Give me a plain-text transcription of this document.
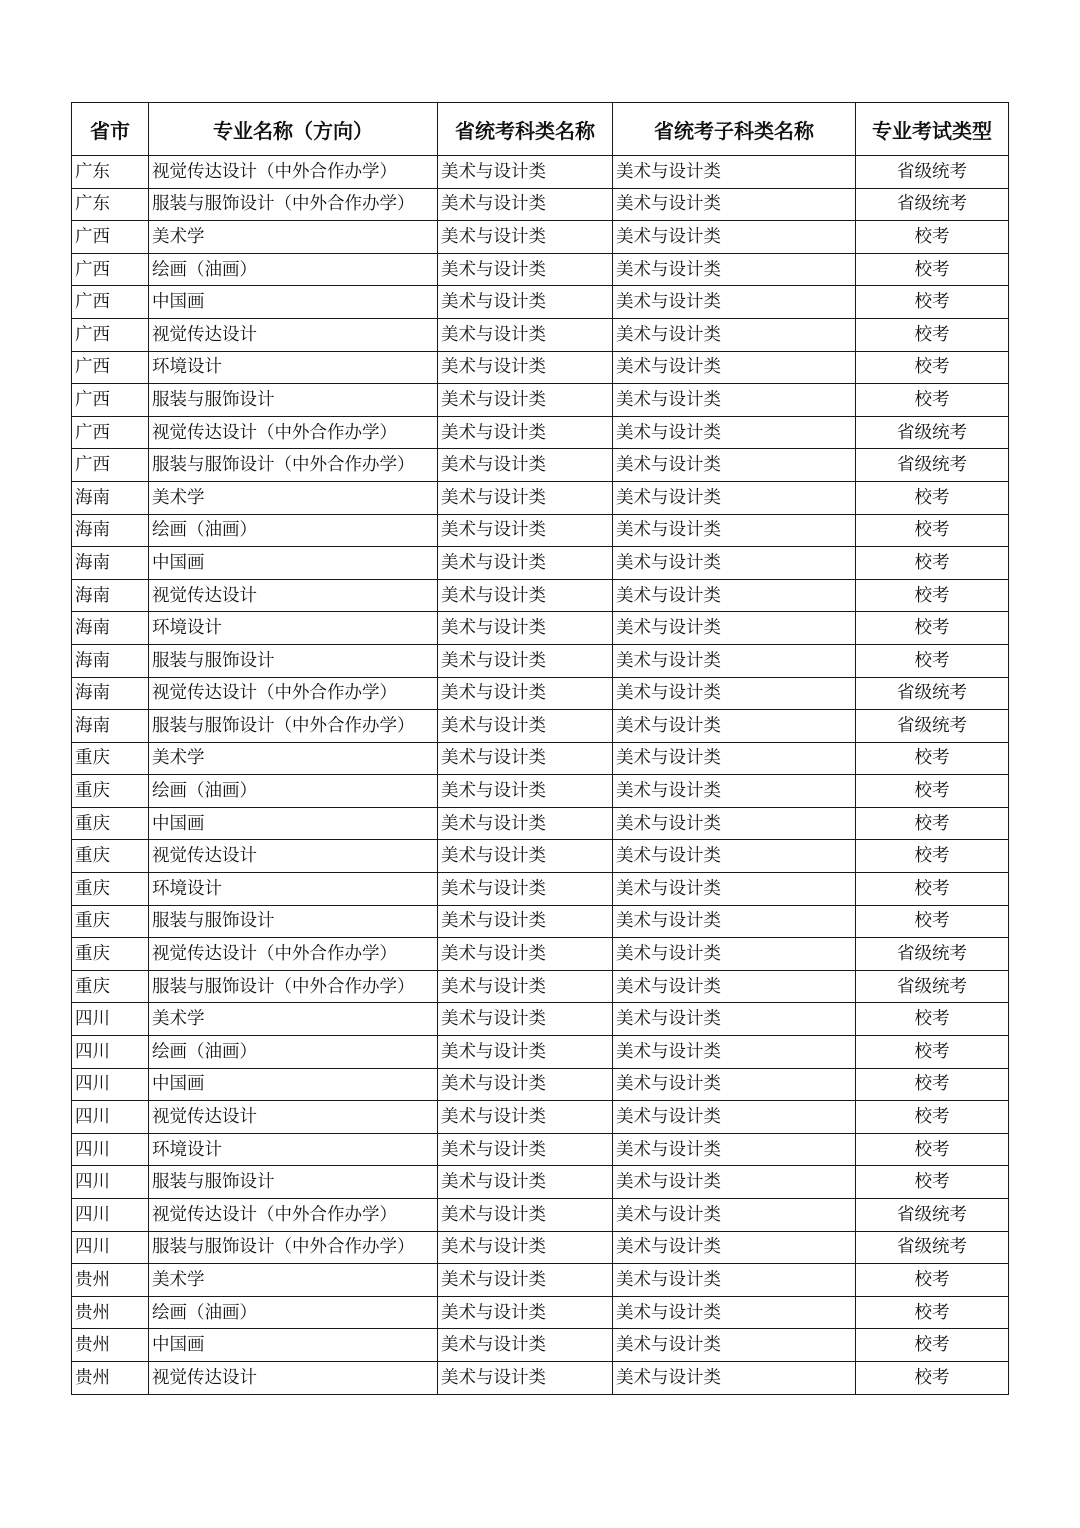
省市	专业名称（方向）	省统考科类名称	省统考子科类名称	专业考试类型
广东	视觉传达设计（中外合作办学）	美术与设计类	美术与设计类	省级统考
广东	服装与服饰设计（中外合作办学）	美术与设计类	美术与设计类	省级统考
广西	美术学	美术与设计类	美术与设计类	校考
广西	绘画（油画）	美术与设计类	美术与设计类	校考
广西	中国画	美术与设计类	美术与设计类	校考
广西	视觉传达设计	美术与设计类	美术与设计类	校考
广西	环境设计	美术与设计类	美术与设计类	校考
广西	服装与服饰设计	美术与设计类	美术与设计类	校考
广西	视觉传达设计（中外合作办学）	美术与设计类	美术与设计类	省级统考
广西	服装与服饰设计（中外合作办学）	美术与设计类	美术与设计类	省级统考
海南	美术学	美术与设计类	美术与设计类	校考
海南	绘画（油画）	美术与设计类	美术与设计类	校考
海南	中国画	美术与设计类	美术与设计类	校考
海南	视觉传达设计	美术与设计类	美术与设计类	校考
海南	环境设计	美术与设计类	美术与设计类	校考
海南	服装与服饰设计	美术与设计类	美术与设计类	校考
海南	视觉传达设计（中外合作办学）	美术与设计类	美术与设计类	省级统考
海南	服装与服饰设计（中外合作办学）	美术与设计类	美术与设计类	省级统考
重庆	美术学	美术与设计类	美术与设计类	校考
重庆	绘画（油画）	美术与设计类	美术与设计类	校考
重庆	中国画	美术与设计类	美术与设计类	校考
重庆	视觉传达设计	美术与设计类	美术与设计类	校考
重庆	环境设计	美术与设计类	美术与设计类	校考
重庆	服装与服饰设计	美术与设计类	美术与设计类	校考
重庆	视觉传达设计（中外合作办学）	美术与设计类	美术与设计类	省级统考
重庆	服装与服饰设计（中外合作办学）	美术与设计类	美术与设计类	省级统考
四川	美术学	美术与设计类	美术与设计类	校考
四川	绘画（油画）	美术与设计类	美术与设计类	校考
四川	中国画	美术与设计类	美术与设计类	校考
四川	视觉传达设计	美术与设计类	美术与设计类	校考
四川	环境设计	美术与设计类	美术与设计类	校考
四川	服装与服饰设计	美术与设计类	美术与设计类	校考
四川	视觉传达设计（中外合作办学）	美术与设计类	美术与设计类	省级统考
四川	服装与服饰设计（中外合作办学）	美术与设计类	美术与设计类	省级统考
贵州	美术学	美术与设计类	美术与设计类	校考
贵州	绘画（油画）	美术与设计类	美术与设计类	校考
贵州	中国画	美术与设计类	美术与设计类	校考
贵州	视觉传达设计	美术与设计类	美术与设计类	校考
